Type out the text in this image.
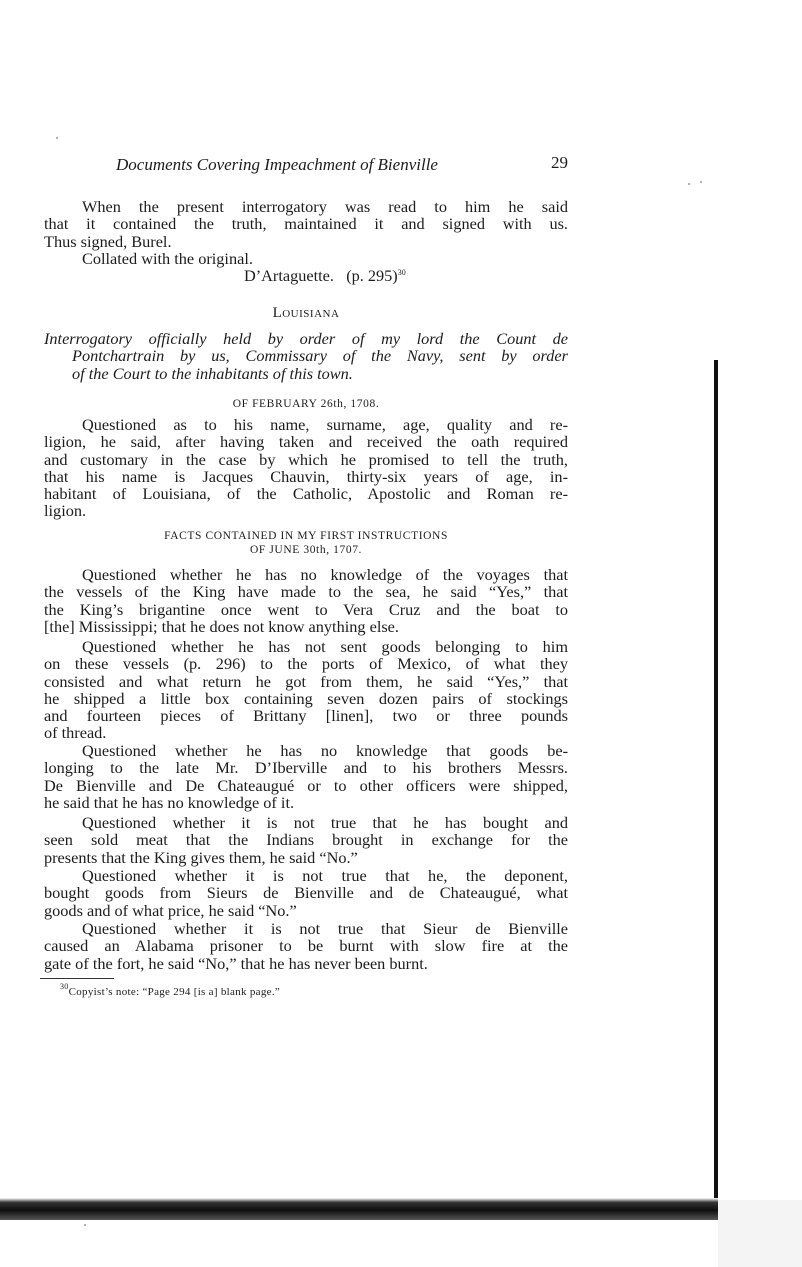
Documents Covering Impeachment of Bienville	29
When the present interrogatory was read to him he said
that it contained the truth, maintained it and signed with us.
Thus signed, Burel.
Collated with the original.
D’Artaguette. (p. 295)$^{30}$
Louisiana
Interrogatory officially held by order of my lord the Count de
Pontchartrain by us, Commissary of the Navy, sent by order
of the Court to the inhabitants of this town.
OF FEBRUARY 26th, 1708.
Questioned as to his name, surname, age, quality and re-
ligion, he said, after having taken and received the oath required
and customary in the case by which he promised to tell the truth,
that his name is Jacques Chauvin, thirty-six years of age, in-
habitant of Louisiana, of the Catholic, Apostolic and Roman re-
ligion.
FACTS CONTAINED IN MY FIRST INSTRUCTIONS
OF JUNE 30th, 1707.
Questioned whether he has no knowledge of the voyages that
the vessels of the King have made to the sea, he said “Yes,” that
the King’s brigantine once went to Vera Cruz and the boat to
[the] Mississippi; that he does not know anything else.
Questioned whether he has not sent goods belonging to him
on these vessels (p. 296) to the ports of Mexico, of what they
consisted and what return he got from them, he said “Yes,” that
he shipped a little box containing seven dozen pairs of stockings
and fourteen pieces of Brittany [linen], two or three pounds
of thread.
Questioned whether he has no knowledge that goods be-
longing to the late Mr. D’Iberville and to his brothers Messrs.
De Bienville and De Chateaugué or to other officers were shipped,
he said that he has no knowledge of it.
Questioned whether it is not true that he has bought and
seen sold meat that the Indians brought in exchange for the
presents that the King gives them, he said “No.”
Questioned whether it is not true that he, the deponent,
bought goods from Sieurs de Bienville and de Chateaugué, what
goods and of what price, he said “No.”
Questioned whether it is not true that Sieur de Bienville
caused an Alabama prisoner to be burnt with slow fire at the
gate of the fort, he said “No,” that he has never been burnt.
$^{30}$Copyist’s note: “Page 294 [is a] blank page.”
